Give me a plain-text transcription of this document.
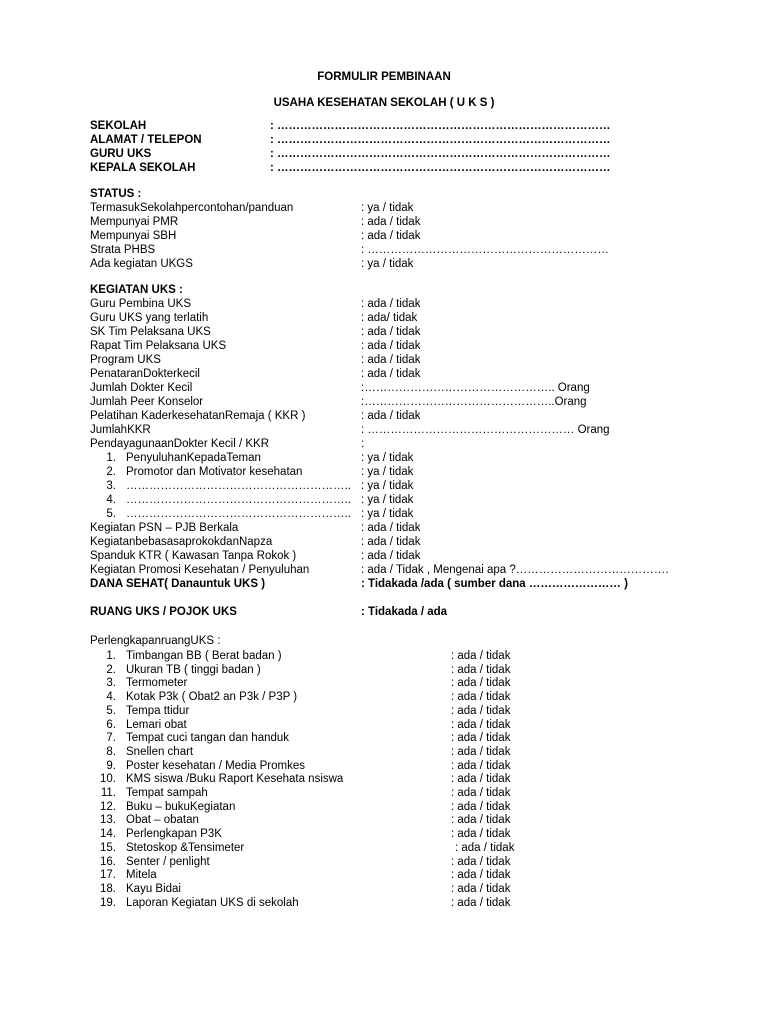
FORMULIR PEMBINAAN
USAHA KESEHATAN SEKOLAH ( U K S )
SEKOLAH	: ……………………………………………………………………………
ALAMAT / TELEPON	: ……………………………………………………………………………
GURU UKS	: ……………………………………………………………………………
KEPALA SEKOLAH	: ……………………………………………………………………………
STATUS :
TermasukSekolahpercontohan/panduan	: ya / tidak
Mempunyai PMR	: ada / tidak
Mempunyai SBH	: ada / tidak
Strata PHBS	: ………………………………………………………
Ada kegiatan UKGS	: ya / tidak
KEGIATAN UKS :
Guru Pembina UKS	: ada / tidak
Guru UKS yang terlatih	: ada/ tidak
SK Tim Pelaksana UKS	: ada / tidak
Rapat Tim Pelaksana UKS	: ada / tidak
Program UKS	: ada / tidak
PenataranDokterkecil	: ada / tidak
Jumlah Dokter Kecil	:………………………………………….. Orang
Jumlah Peer Konselor	:…………………………………………..Orang
Pelatihan KaderkesehatanRemaja ( KKR )	: ada / tidak
JumlahKKR	: ……………………………………………… Orang
PendayagunaanDokter Kecil / KKR	:
1. PenyuluhanKepadaTeman	: ya / tidak
2. Promotor dan Motivator kesehatan	: ya / tidak
3. ………………………………………………….. : ya / tidak
4. ………………………………………………….. : ya / tidak
5. ………………………………………………….. : ya / tidak
Kegiatan PSN – PJB Berkala	: ada / tidak
KegiatanbebasasaprokokdanNapza	: ada / tidak
Spanduk KTR ( Kawasan Tanpa Rokok )	: ada / tidak
Kegiatan Promosi Kesehatan / Penyuluhan	: ada / Tidak , Mengenai apa ?………………………………….
DANA SEHAT( Danauntuk UKS )	: Tidakada /ada ( sumber dana …………………… )
RUANG UKS / POJOK UKS	: Tidakada / ada
PerlengkapanruangUKS :
1. Timbangan BB ( Berat badan )	: ada / tidak
2. Ukuran TB ( tinggi badan )	: ada / tidak
3. Termometer	: ada / tidak
4. Kotak P3k ( Obat2 an P3k / P3P )	: ada / tidak
5. Tempa ttidur	: ada / tidak
6. Lemari obat	: ada / tidak
7. Tempat cuci tangan dan handuk	: ada / tidak
8. Snellen chart	: ada / tidak
9. Poster kesehatan / Media Promkes	: ada / tidak
10. KMS siswa /Buku Raport Kesehata nsiswa	: ada / tidak
11. Tempat sampah	: ada / tidak
12. Buku – bukuKegiatan	: ada / tidak
13. Obat – obatan	: ada / tidak
14. Perlengkapan P3K	: ada / tidak
15. Stetoskop &Tensimeter	: ada / tidak
16. Senter / penlight	: ada / tidak
17. Mitela	: ada / tidak
18. Kayu Bidai	: ada / tidak
19. Laporan Kegiatan UKS di sekolah	: ada / tidak
